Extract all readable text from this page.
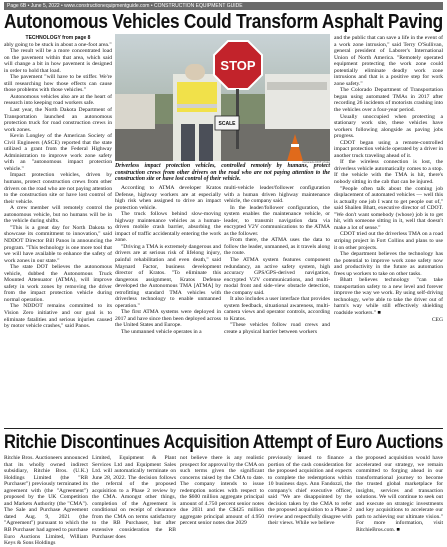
Page 6B • June 5, 2022 • www.constructionequipmentguide.com • CONSTRUCTION EQUIPMENT GUIDE
Autonomous Vehicles Could Transform Asphalt Paving

TECHNOLOGY from page 8

ably going to be stuck in about a one-foot area."

The result will be a more concentrated load on the pavement within that area, which said will change a bit in how pavement is designed in order to hold that load.

The pavement "will have to be stiffer. We're still researching how those effects can cause those problems with those vehicles."

Autonomous vehicles also are at the heart of research into keeping road workers safe.

Last year, the North Dakota Department of Transportation launched an autonomous protection truck for road construction crews in work zones.

Kevin Longley of the American Society of Civil Engineers (ASCE) reported that the state utilized a grant from the Federal Highway Administration to improve work zone safety with an "autonomous impact protection vehicle."

Impact protection vehicles, driven by humans, protect construction crews from other drivers on the road who are not paying attention to the construction site or have lost control of their vehicle.

A crew member will remotely control the autonomous vehicle, but no humans will be in the vehicle during shifts.

"This is a great day for North Dakota to showcase its commitment to innovation," said NDDOT Director Bill Panos in announcing the program. "This technology is one more tool that we will have available to enhance the safety of work zones in our state."

The state DOT believes the autonomous vehicle, dubbed the Autonomous Truck Mounted Attenuator (ATMA), will improve safety in work zones by removing the driver from the impact protection vehicle during normal operation.

The NDDOT remains committed to its Vision Zero initiative and our goal is to eliminate fatalities and serious injuries caused by motor vehicle crashes," said Panos.

STOP
SCALE
Colorado DOT photo
Driverless impact protection vehicles, controlled remotely by humans, protect construction crews from other drivers on the road who are not paying attention to the construction site or have lost control of their vehicle.

According to ATMA developer Kratos Defense, highway workers are at especially high risk when assigned to drive an impact protection vehicle.

The truck follows behind slow-moving highway maintenance vehicles as a human-driven mobile crash barrier, absorbing the impact of traffic accidentally entering the work zone.

"Driving a TMA is extremely dangerous and drivers are at serious risk of lifelong injury, painful rehabilitation and even death," said Maynard Factor, business development director of Kratos. "To eliminate this dangerous assignment, Kratos Defense developed the Autonomous TMA [ATMA] by retrofitting standard TMA vehicles with driverless technology to enable unmanned operation."

The first ATMA systems were deployed in 2017 and have since then been deployed across the United States and Europe.

The unmanned vehicle operates in a

multi-vehicle leader/follower configuration with a human driven highway maintenance vehicle, the company said.

In the leader/follower configuration, the system enables the maintenance vehicle, or leader, to transmit navigation data via encrypted V2V communications to the ATMA as the follower.

From there, the ATMA uses the data to follow the leader, unmanned, as it travels along the route.

The ATMA system features component redundancy, an active safety system, high accuracy GPS/GPS-derived navigation, encrypted V2V communications, and multi-modal front and side-view obstacle detection, the company said.

It also includes a user interface that provides system feedback, situational awareness, multi-camera views and operator controls, according to Kratos.

"These vehicles follow road crews and create a physical barrier between workers

and the public that can save a life in the event of a work zone intrusion," said Terry O'Sullivan, general president of Laborer's International Union of North America. "Remotely operated equipment protecting the work zone could potentially eliminate deadly work zone intrusions and that is a positive step for work zone safety."

The Colorado Department of Transportation began using automated TMAs in 2017 after recording 26 incidents of motorists crashing into the vehicles over a four-year period.

Usually unoccupied when protecting a stationary work site, these vehicles have workers following alongside as paving jobs progress.

CDOT began using a remote-controlled impact protection vehicle operated by a driver in another truck traveling ahead of it.

If the wireless connection is lost, the driverless vehicle automatically comes to a stop. If the vehicle with the TMA is hit, there's nobody sitting in the cab that can be injured.

"People often talk about the coming job displacement of automated vehicles — well this is actually one job I want to get people out of," said Shailen Bhatt, executive director of CDOT. "We don't want somebody (whose) job is to get hit, with someone sitting in it, well that doesn't make a lot of sense."

CDOT tried out the driverless TMA on a road striping project in Fort Collins and plans to use it on other projects.

The department believes the technology has the potential to improve work zone safety now and productivity in the future as automation frees up workers to take on other tasks.

Bhatt believes technology "can take transportation safety to a new level and forever improve the way we work. By using self-driving technology, we're able to take the driver out of harm's way while still effectively shielding roadside workers." ■

CEG

Ritchie Discontinues Acquisition Attempt of Euro Auctions

Ritchie Bros. Auctioneers announced that its wholly owned indirect subsidiary, Ritchie Bros. (U.K.) Holdings Limited (the "RB Purchaser") previously terminated its agreement with (the "Agreement") proposed by the UK Competition and Markets Authority (the "CMA"). The Sale and Purchase Agreement dated Aug. 9, 2021 (the "Agreement") pursuant to which the RB Purchaser had agreed to purchase Euro Auctions Limited, William Keys & Sons Holdings

Limited, Equipment & Plant Services Ltd and Equipment Sales Ltd. will automatically terminate on June 28, 2022. The decision follows the referral of the proposed acquisition to a Phase 2 review by the CMA. Amongst other things, completion of the Agreement is conditional on receipt of clearance from the CMA on terms satisfactory to the RB Purchaser, but after extensive consideration the RB Purchaser does

not believe there is any realistic prospect for approval by the CMA on such terms given the significant concerns raised by the CMA to date. The company intends to issue redemption notices with respect to the $600 million aggregate principal amount of 4.750 percent senior notes due 2031 and the C$425 million aggregate principal amount of 4.950 percent senior notes due 2029

previously issued to finance a portion of the cash consideration for the proposed acquisition and expects to complete the redemptions within 10 business days. Ann Fandozzi, the company's chief executive officer, said "We are disappointed by the decision taken by the CMA to refer the proposed acquisition to a Phase 2 review and respectfully disagree with their views. While we believe

the proposed acquisition would have accelerated our strategy, we remain committed to forging ahead in our transformational journey to become the trusted global marketplace for insights, services and transaction solutions. We will continue to seek out and execute on strategic investments and key acquisitions to accelerate our path to achieving our ultimate vision." For more information, visit RitchieBros.com. ■
